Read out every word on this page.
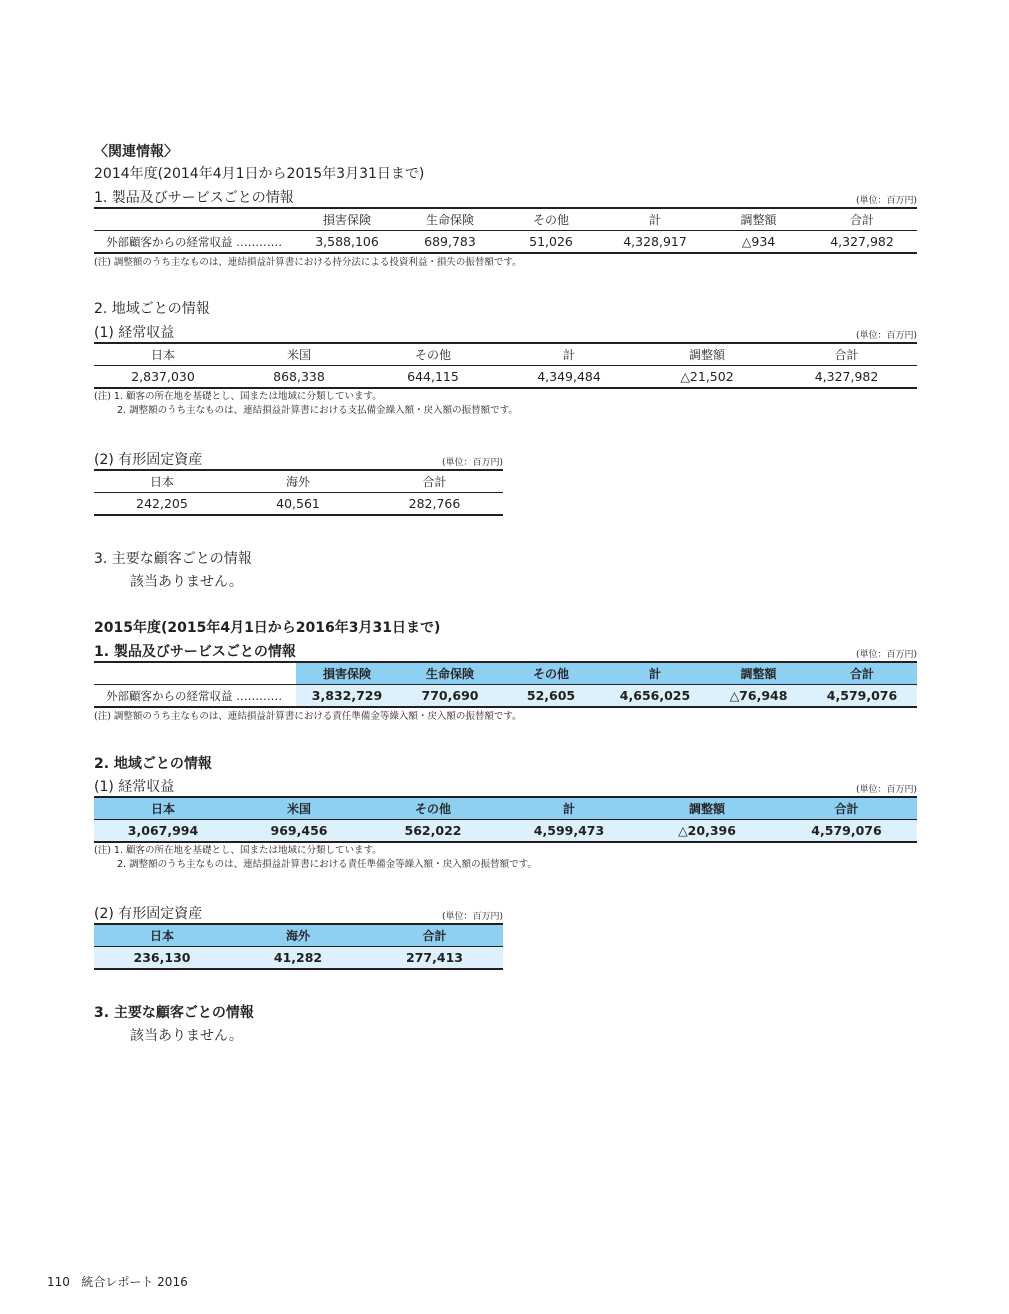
〈関連情報〉
2014年度(2014年4月1日から2015年3月31日まで)
1. 製品及びサービスごとの情報	(単位：百万円)
	損害保険	生命保険	その他	計	調整額	合計
外部顧客からの経常収益 …………	3,588,106	689,783	51,026	4,328,917	△934	4,327,982
(注) 調整額のうち主なものは、連結損益計算書における持分法による投資利益・損失の振替額です。
2. 地域ごとの情報
(1) 経常収益	(単位：百万円)
日本	米国	その他	計	調整額	合計
2,837,030	868,338	644,115	4,349,484	△21,502	4,327,982
(注) 1. 顧客の所在地を基礎とし、国または地域に分類しています。
2. 調整額のうち主なものは、連結損益計算書における支払備金繰入額・戻入額の振替額です。
(2) 有形固定資産	(単位：百万円)
日本	海外	合計
242,205	40,561	282,766
3. 主要な顧客ごとの情報
該当ありません。
2015年度(2015年4月1日から2016年3月31日まで)
1. 製品及びサービスごとの情報	(単位：百万円)
	損害保険	生命保険	その他	計	調整額	合計
外部顧客からの経常収益 …………	3,832,729	770,690	52,605	4,656,025	△76,948	4,579,076
(注) 調整額のうち主なものは、連結損益計算書における責任準備金等繰入額・戻入額の振替額です。
2. 地域ごとの情報
(1) 経常収益	(単位：百万円)
日本	米国	その他	計	調整額	合計
3,067,994	969,456	562,022	4,599,473	△20,396	4,579,076
(注) 1. 顧客の所在地を基礎とし、国または地域に分類しています。
2. 調整額のうち主なものは、連結損益計算書における責任準備金等繰入額・戻入額の振替額です。
(2) 有形固定資産	(単位：百万円)
日本	海外	合計
236,130	41,282	277,413
3. 主要な顧客ごとの情報
該当ありません。
110 統合レポート 2016
